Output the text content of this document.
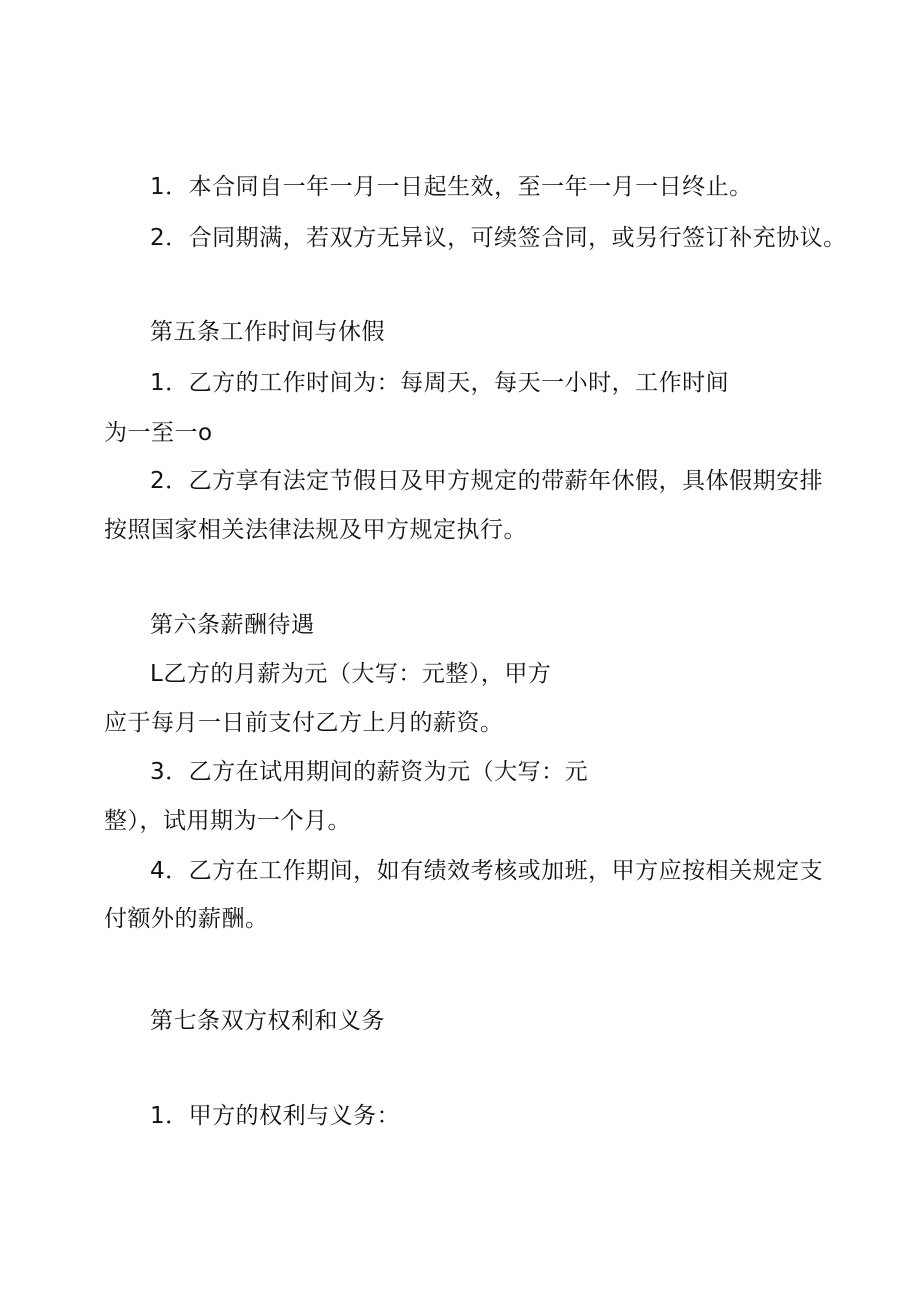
1．本合同自一年一月一日起生效，至一年一月一日终止。

2．合同期满，若双方无异议，可续签合同，或另行签订补充协议。

第五条工作时间与休假

1．乙方的工作时间为：每周天，每天一小时，工作时间

为一至一o

2．乙方享有法定节假日及甲方规定的带薪年休假，具体假期安排

按照国家相关法律法规及甲方规定执行。

第六条薪酬待遇

L乙方的月薪为元（大写：元整），甲方

应于每月一日前支付乙方上月的薪资。

3．乙方在试用期间的薪资为元（大写：元

整），试用期为一个月。

4．乙方在工作期间，如有绩效考核或加班，甲方应按相关规定支

付额外的薪酬。

第七条双方权利和义务

1．甲方的权利与义务：
